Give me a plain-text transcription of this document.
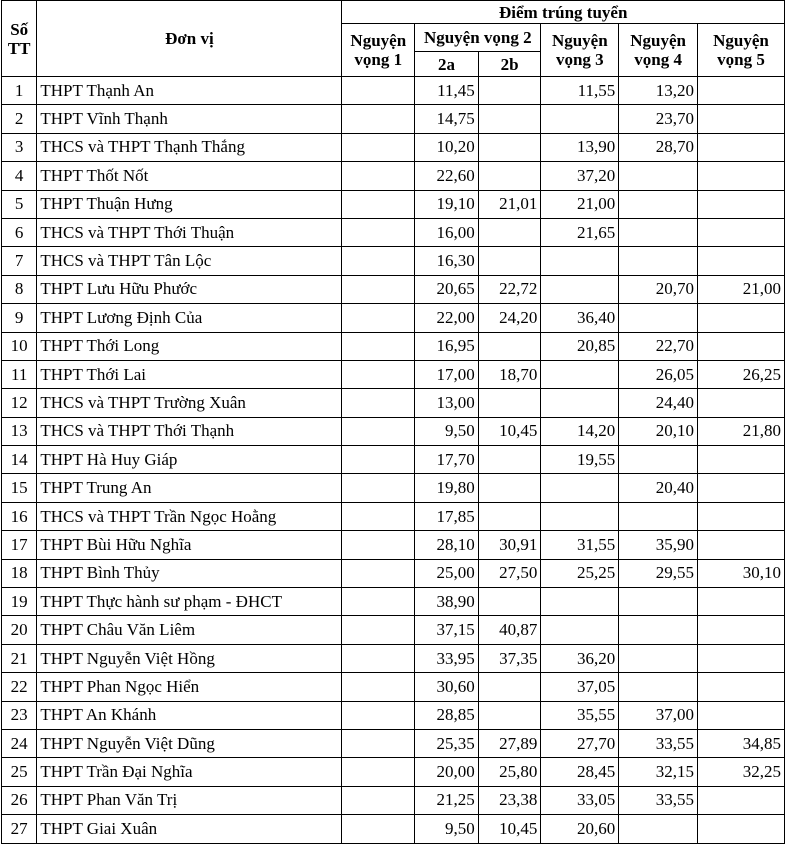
Số TT	Đơn vị	Điểm trúng tuyển					
		Nguyện vọng 1	Nguyện vọng 2		Nguyện vọng 3	Nguyện vọng 4	Nguyện vọng 5
			2a	2b			
1	THPT Thạnh An		11,45		11,55	13,20	
2	THPT Vĩnh Thạnh		14,75			23,70	
3	THCS và THPT Thạnh Thắng		10,20		13,90	28,70	
4	THPT Thốt Nốt		22,60		37,20		
5	THPT Thuận Hưng		19,10	21,01	21,00		
6	THCS và THPT Thới Thuận		16,00		21,65		
7	THCS và THPT Tân Lộc		16,30				
8	THPT Lưu Hữu Phước		20,65	22,72		20,70	21,00
9	THPT Lương Định Của		22,00	24,20	36,40		
10	THPT Thới Long		16,95		20,85	22,70	
11	THPT Thới Lai		17,00	18,70		26,05	26,25
12	THCS và THPT Trường Xuân		13,00			24,40	
13	THCS và THPT Thới Thạnh		9,50	10,45	14,20	20,10	21,80
14	THPT Hà Huy Giáp		17,70		19,55		
15	THPT Trung An		19,80			20,40	
16	THCS và THPT Trần Ngọc Hoằng		17,85				
17	THPT Bùi Hữu Nghĩa		28,10	30,91	31,55	35,90	
18	THPT Bình Thủy		25,00	27,50	25,25	29,55	30,10
19	THPT Thực hành sư phạm - ĐHCT		38,90				
20	THPT Châu Văn Liêm		37,15	40,87			
21	THPT Nguyễn Việt Hồng		33,95	37,35	36,20		
22	THPT Phan Ngọc Hiển		30,60		37,05		
23	THPT An Khánh		28,85		35,55	37,00	
24	THPT Nguyễn Việt Dũng		25,35	27,89	27,70	33,55	34,85
25	THPT Trần Đại Nghĩa		20,00	25,80	28,45	32,15	32,25
26	THPT Phan Văn Trị		21,25	23,38	33,05	33,55	
27	THPT Giai Xuân		9,50	10,45	20,60		
